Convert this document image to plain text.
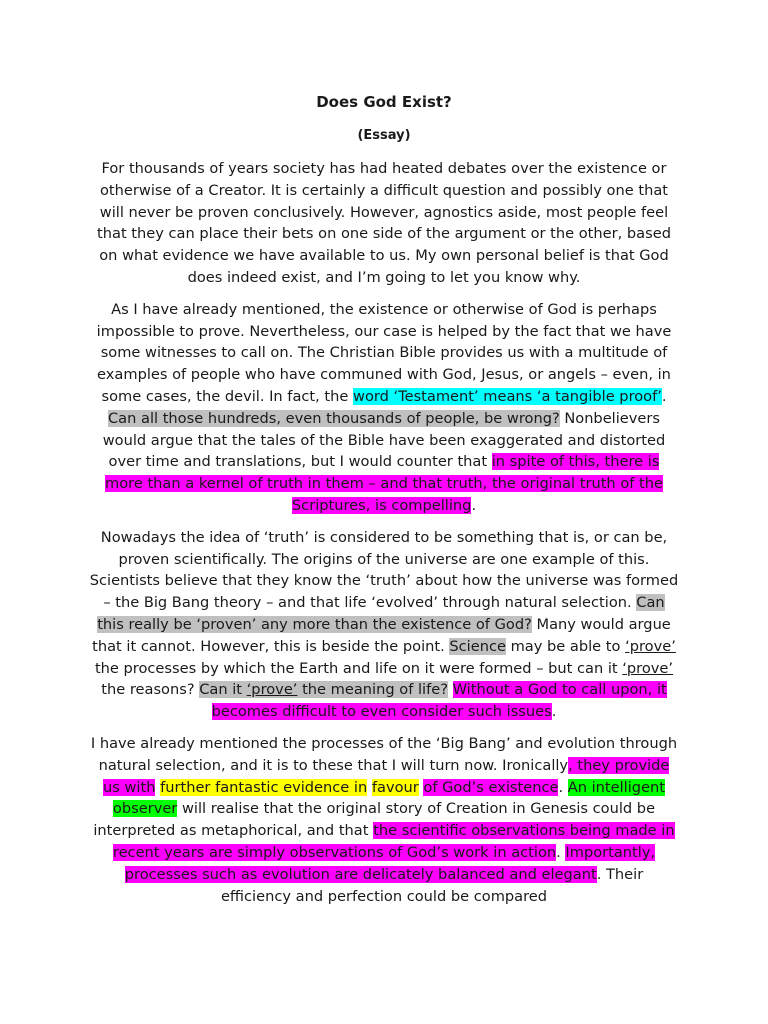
Does God Exist?

(Essay)

For thousands of years society has had heated debates over the existence or otherwise of a Creator. It is certainly a difficult question and possibly one that will never be proven conclusively. However, agnostics aside, most people feel that they can place their bets on one side of the argument or the other, based on what evidence we have available to us. My own personal belief is that God does indeed exist, and I’m going to let you know why.

As I have already mentioned, the existence or otherwise of God is perhaps impossible to prove. Nevertheless, our case is helped by the fact that we have some witnesses to call on. The Christian Bible provides us with a multitude of examples of people who have communed with God, Jesus, or angels – even, in some cases, the devil. In fact, the word ‘Testament’ means ‘a tangible proof’. Can all those hundreds, even thousands of people, be wrong? Nonbelievers would argue that the tales of the Bible have been exaggerated and distorted over time and translations, but I would counter that in spite of this, there is more than a kernel of truth in them – and that truth, the original truth of the Scriptures, is compelling.

Nowadays the idea of ‘truth’ is considered to be something that is, or can be, proven scientifically. The origins of the universe are one example of this. Scientists believe that they know the ‘truth’ about how the universe was formed – the Big Bang theory – and that life ‘evolved’ through natural selection. Can this really be ‘proven’ any more than the existence of God? Many would argue that it cannot. However, this is beside the point. Science may be able to ‘prove’ the processes by which the Earth and life on it were formed – but can it ‘prove’ the reasons? Can it ‘prove’ the meaning of life? Without a God to call upon, it becomes difficult to even consider such issues.

I have already mentioned the processes of the ‘Big Bang’ and evolution through natural selection, and it is to these that I will turn now. Ironically, they provide us with further fantastic evidence in favour of God’s existence. An intelligent observer will realise that the original story of Creation in Genesis could be interpreted as metaphorical, and that the scientific observations being made in recent years are simply observations of God’s work in action. Importantly, processes such as evolution are delicately balanced and elegant. Their efficiency and perfection could be compared
